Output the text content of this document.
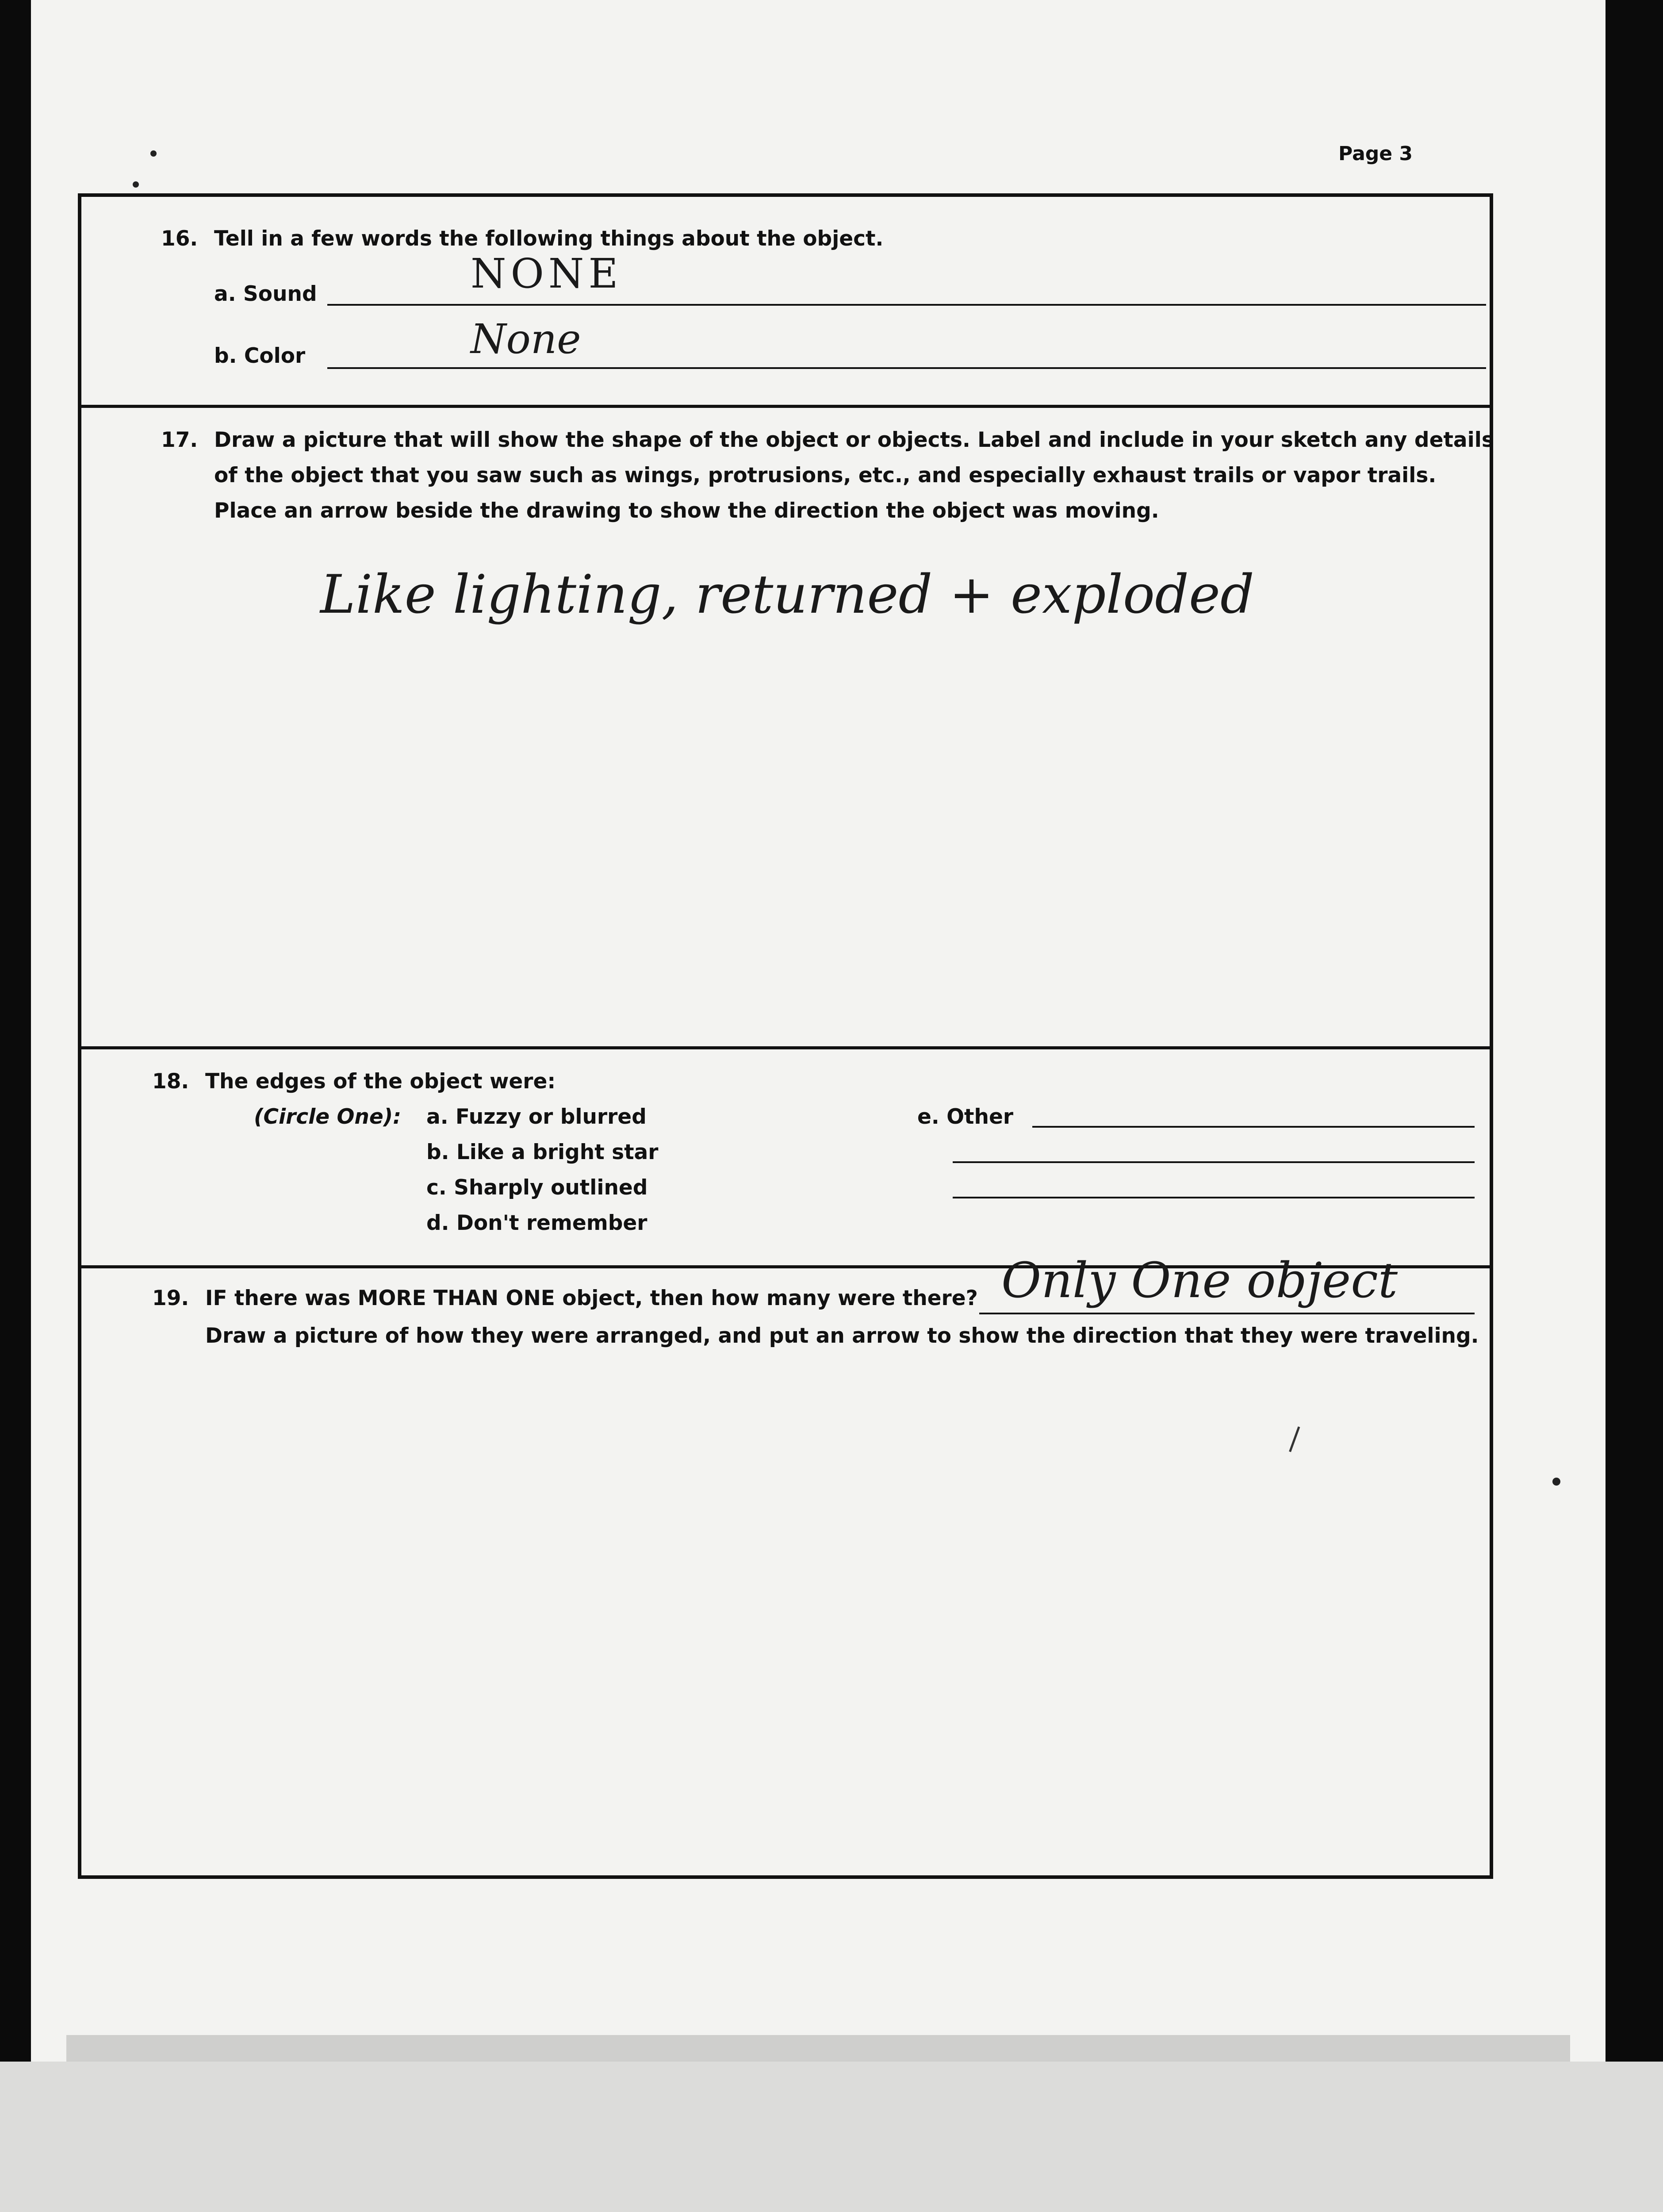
Page 3
16. Tell in a few words the following things about the object.
a. Sound	NONE
b. Color	None
17. Draw a picture that will show the shape of the object or objects. Label and include in your sketch any details
of the object that you saw such as wings, protrusions, etc., and especially exhaust trails or vapor trails.
Place an arrow beside the drawing to show the direction the object was moving.
Like lighting, returned + exploded
18. The edges of the object were:
(Circle One): a. Fuzzy or blurred
b. Like a bright star
c. Sharply outlined
d. Don't remember
e. Other
19. IF there was MORE THAN ONE object, then how many were there? Only One object
Draw a picture of how they were arranged, and put an arrow to show the direction that they were traveling.
